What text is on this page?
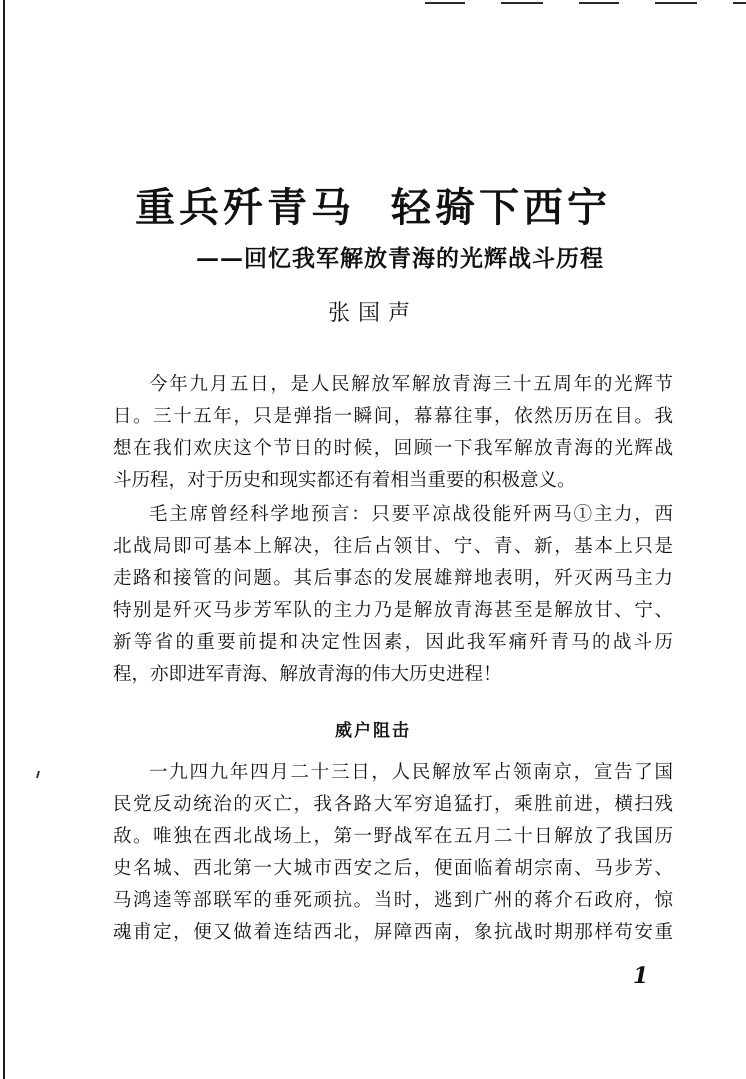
重兵歼青马 轻骑下西宁
——回忆我军解放青海的光辉战斗历程
张国声
今年九月五日，是人民解放军解放青海三十五周年的光辉节
日。三十五年，只是弹指一瞬间，幕幕往事，依然历历在目。我
想在我们欢庆这个节日的时候，回顾一下我军解放青海的光辉战
斗历程，对于历史和现实都还有着相当重要的积极意义。
毛主席曾经科学地预言：只要平凉战役能歼两马①主力，西
北战局即可基本上解决，往后占领甘、宁、青、新，基本上只是
走路和接管的问题。其后事态的发展雄辩地表明，歼灭两马主力
特别是歼灭马步芳军队的主力乃是解放青海甚至是解放甘、宁、
新等省的重要前提和决定性因素，因此我军痛歼青马的战斗历
程，亦即进军青海、解放青海的伟大历史进程！
威户阻击
一九四九年四月二十三日，人民解放军占领南京，宣告了国
民党反动统治的灭亡，我各路大军穷追猛打，乘胜前进，横扫残
敌。唯独在西北战场上，第一野战军在五月二十日解放了我国历
史名城、西北第一大城市西安之后，便面临着胡宗南、马步芳、
马鸿逵等部联军的垂死顽抗。当时，逃到广州的蒋介石政府，惊
魂甫定，便又做着连结西北，屏障西南，象抗战时期那样苟安重
1
